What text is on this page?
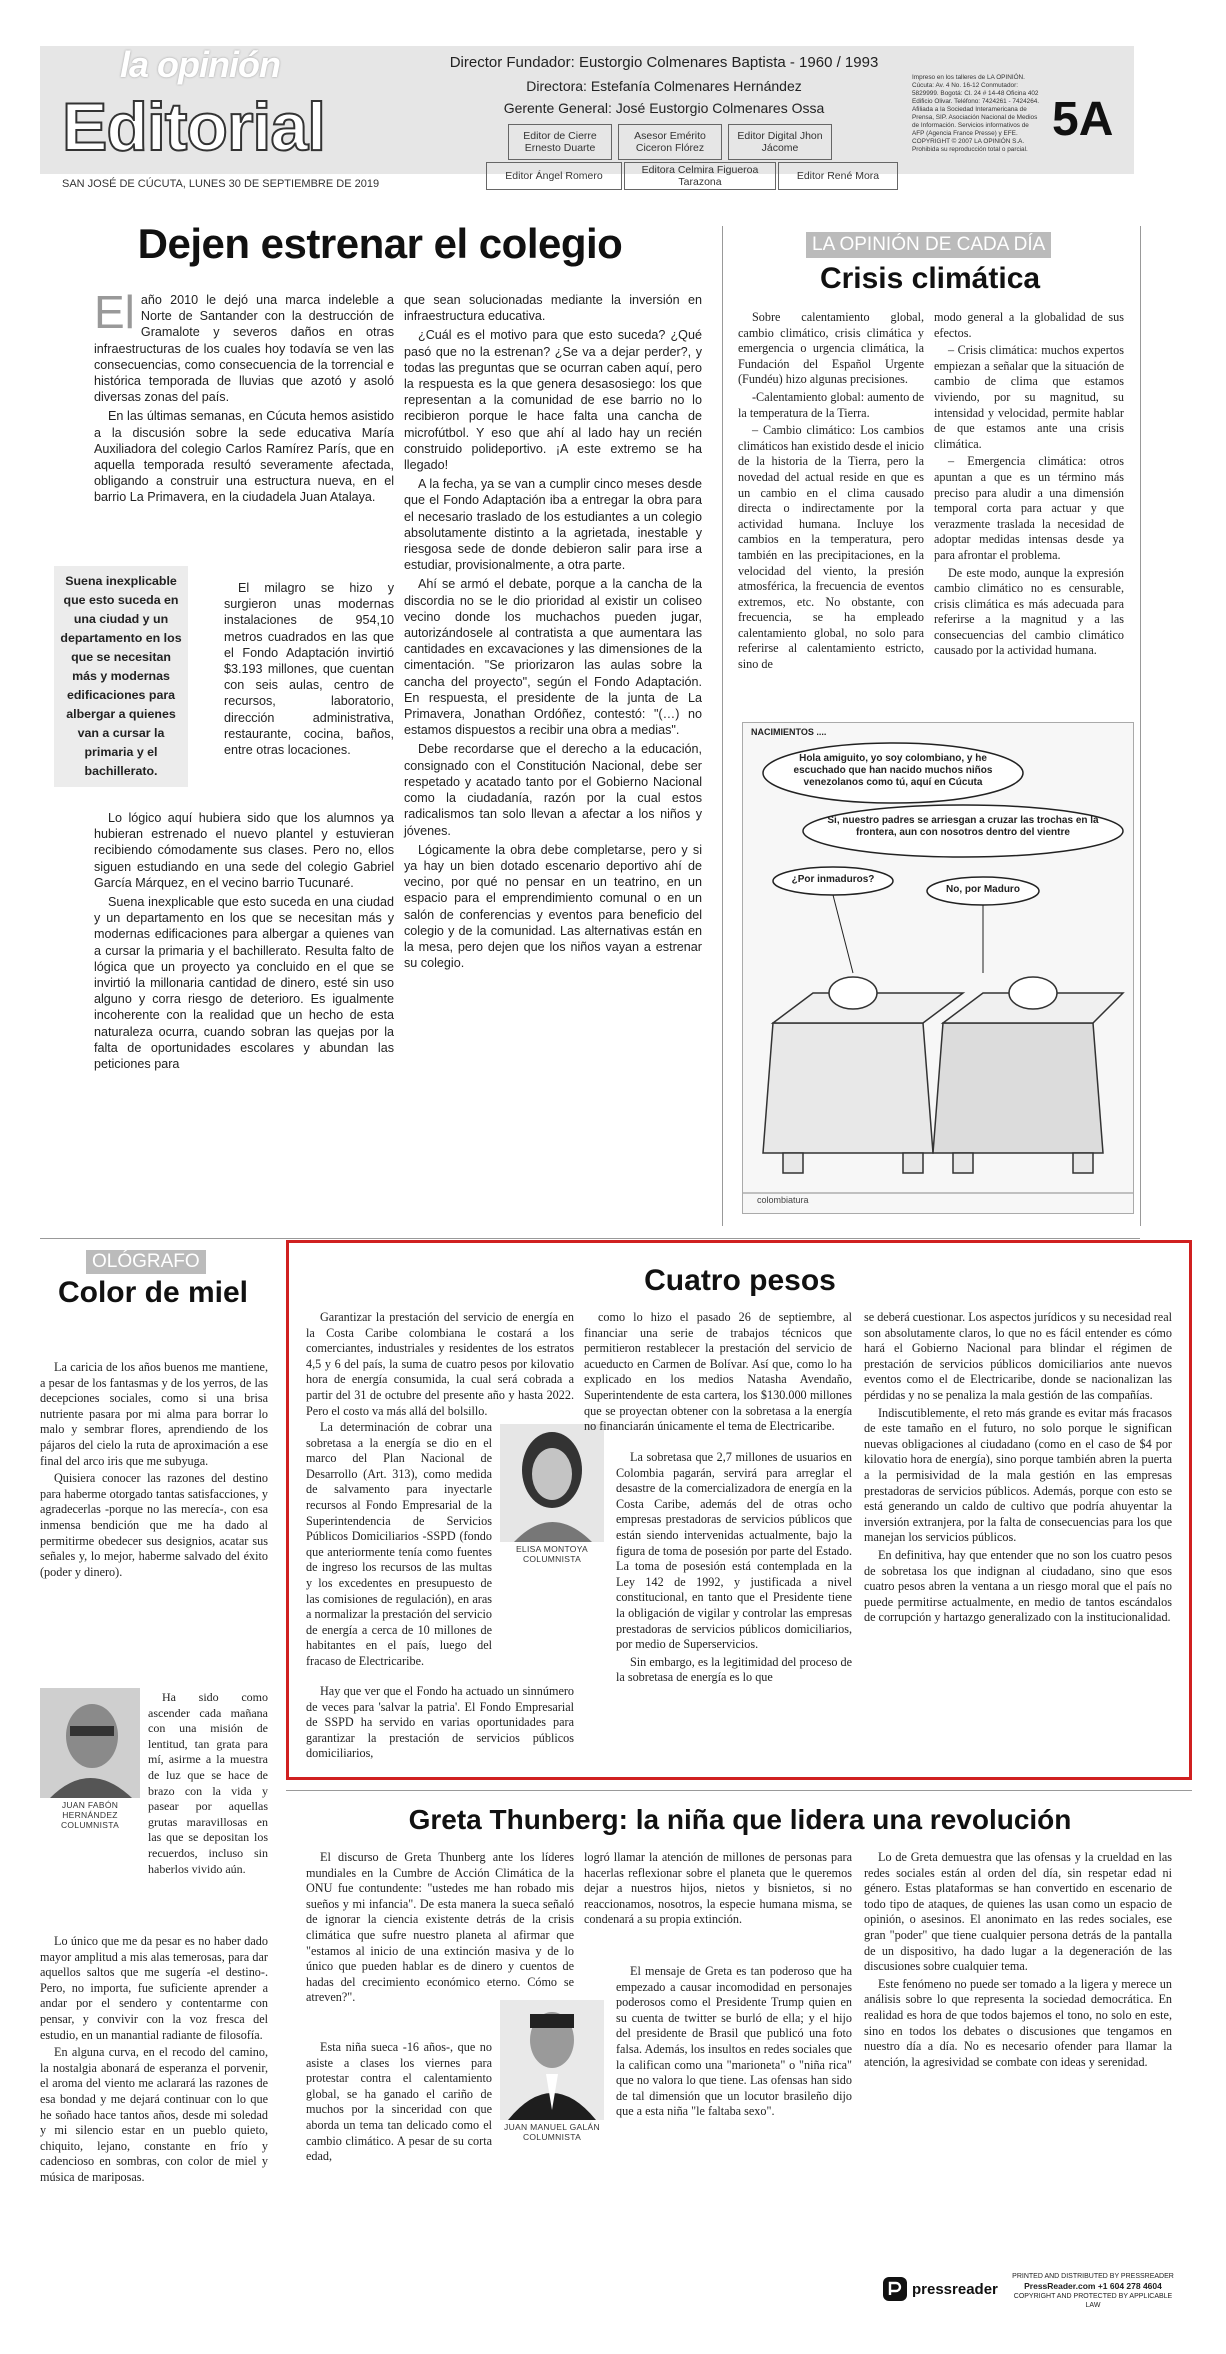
la opinión
Editorial
SAN JOSÉ DE CÚCUTA, LUNES 30 DE SEPTIEMBRE DE 2019
Director Fundador: Eustorgio Colmenares Baptista - 1960 / 1993
Directora: Estefanía Colmenares Hernández
Gerente General: José Eustorgio Colmenares Ossa
Editor de Cierre Ernesto Duarte
Asesor Emérito Ciceron Flórez
Editor Digital Jhon Jácome
Editor Ángel Romero	Editora Celmira Figueroa Tarazona	Editor René Mora
Impreso en los talleres de LA OPINIÓN. Cúcuta: Av. 4 No. 16-12 Conmutador: 5829999. Bogotá: Cl. 24 # 14-48 Oficina 402 Edificio Olivar. Teléfono: 7424261 - 7424264. Afiliada a la Sociedad Interamericana de Prensa, SIP. Asociación Nacional de Medios de Información. Servicios informativos de AFP (Agencia France Presse) y EFE. COPYRIGHT © 2007 LA OPINIÓN S.A. Prohibida su reproducción total o parcial.
5A
Dejen estrenar el colegio

El año 2010 le dejó una marca indeleble a Norte de Santander con la destrucción de Gramalote y severos daños en otras infraestructuras de los cuales hoy todavía se ven las consecuencias, como consecuencia de la torrencial e histórica temporada de lluvias que azotó y asoló diversas zonas del país.

En las últimas semanas, en Cúcuta hemos asistido a la discusión sobre la sede educativa María Auxiliadora del colegio Carlos Ramírez París, que en aquella temporada resultó severamente afectada, obligando a construir una estructura nueva, en el barrio La Primavera, en la ciudadela Juan Atalaya.

El milagro se hizo y surgieron unas modernas instalaciones de 954,10 metros cuadrados en las que el Fondo Adaptación invirtió $3.193 millones, que cuentan con seis aulas, centro de recursos, laboratorio, dirección administrativa, restaurante, cocina, baños, entre otras locaciones.

Lo lógico aquí hubiera sido que los alumnos ya hubieran estrenado el nuevo plantel y estuvieran recibiendo cómodamente sus clases. Pero no, ellos siguen estudiando en una sede del colegio Gabriel García Márquez, en el vecino barrio Tucunaré.

Suena inexplicable que esto suceda en una ciudad y un departamento en los que se necesitan más y modernas edificaciones para albergar a quienes van a cursar la primaria y el bachillerato. Resulta falto de lógica que un proyecto ya concluido en el que se invirtió la millonaria cantidad de dinero, esté sin uso alguno y corra riesgo de deterioro. Es igualmente incoherente con la realidad que un hecho de esta naturaleza ocurra, cuando sobran las quejas por la falta de oportunidades escolares y abundan las peticiones para

Suena inexplicable que esto suceda en una ciudad y un departamento en los que se necesitan más y modernas edificaciones para albergar a quienes van a cursar la primaria y el bachillerato.

que sean solucionadas mediante la inversión en infraestructura educativa.

¿Cuál es el motivo para que esto suceda? ¿Qué pasó que no la estrenan? ¿Se va a dejar perder?, y todas las preguntas que se ocurran caben aquí, pero la respuesta es la que genera desasosiego: los que representan a la comunidad de ese barrio no lo recibieron porque le hace falta una cancha de microfútbol. Y eso que ahí al lado hay un recién construido polideportivo. ¡A este extremo se ha llegado!

A la fecha, ya se van a cumplir cinco meses desde que el Fondo Adaptación iba a entregar la obra para el necesario traslado de los estudiantes a un colegio absolutamente distinto a la agrietada, inestable y riesgosa sede de donde debieron salir para irse a estudiar, provisionalmente, a otra parte.

Ahí se armó el debate, porque a la cancha de la discordia no se le dio prioridad al existir un coliseo vecino donde los muchachos pueden jugar, autorizándosele al contratista a que aumentara las cantidades en excavaciones y las dimensiones de la cimentación. "Se priorizaron las aulas sobre la cancha del proyecto", según el Fondo Adaptación. En respuesta, el presidente de la junta de La Primavera, Jonathan Ordóñez, contestó: "(…) no estamos dispuestos a recibir una obra a medias".

Debe recordarse que el derecho a la educación, consignado con el Constitución Nacional, debe ser respetado y acatado tanto por el Gobierno Nacional como la ciudadanía, razón por la cual estos radicalismos tan solo llevan a afectar a los niños y jóvenes.

Lógicamente la obra debe completarse, pero y si ya hay un bien dotado escenario deportivo ahí de vecino, por qué no pensar en un teatrino, en un espacio para el emprendimiento comunal o en un salón de conferencias y eventos para beneficio del colegio y de la comunidad. Las alternativas están en la mesa, pero dejen que los niños vayan a estrenar su colegio.

LA OPINIÓN DE CADA DÍA
Crisis climática

Sobre calentamiento global, cambio climático, crisis climática y emergencia o urgencia climática, la Fundación del Español Urgente (Fundéu) hizo algunas precisiones.

-Calentamiento global: aumento de la temperatura de la Tierra.

– Cambio climático: Los cambios climáticos han existido desde el inicio de la historia de la Tierra, pero la novedad del actual reside en que es un cambio en el clima causado directa o indirectamente por la actividad humana. Incluye los cambios en la temperatura, pero también en las precipitaciones, en la velocidad del viento, la presión atmosférica, la frecuencia de eventos extremos, etc. No obstante, con frecuencia, se ha empleado calentamiento global, no solo para referirse al calentamiento estricto, sino de

modo general a la globalidad de sus efectos.

– Crisis climática: muchos expertos empiezan a señalar que la situación de cambio de clima que estamos viviendo, por su magnitud, su intensidad y velocidad, permite hablar de que estamos ante una crisis climática.

– Emergencia climática: otros apuntan a que es un término más preciso para aludir a una dimensión temporal corta para actuar y que verazmente traslada la necesidad de adoptar medidas intensas desde ya para afrontar el problema.

De este modo, aunque la expresión cambio climático no es censurable, crisis climática es más adecuada para referirse a la magnitud y a las consecuencias del cambio climático causado por la actividad humana.

NACIMIENTOS ....
Hola amiguito, yo soy colombiano, y he escuchado que han nacido muchos niños venezolanos como tú, aquí en Cúcuta
Si, nuestro padres se arriesgan a cruzar las trochas en la frontera, aun con nosotros dentro del vientre
¿Por inmaduros?
No, por Maduro
colombiatura
OLÓGRAFO
Color de miel

La caricia de los años buenos me mantiene, a pesar de los fantasmas y de los yerros, de las decepciones sociales, como si una brisa nutriente pasara por mi alma para borrar lo malo y sembrar flores, aprendiendo de los pájaros del cielo la ruta de aproximación a ese final del arco iris que me subyuga.

Quisiera conocer las razones del destino para haberme otorgado tantas satisfacciones, y agradecerlas -porque no las merecía-, con esa inmensa bendición que me ha dado al permitirme obedecer sus designios, acatar sus señales y, lo mejor, haberme salvado del éxito (poder y dinero).

JUAN FABÓN HERNÁNDEZ COLUMNISTA

Ha sido como ascender cada mañana con una misión de lentitud, tan grata para mí, asirme a la muestra de luz que se hace de brazo con la vida y pasear por aquellas grutas maravillosas en las que se depositan los recuerdos, incluso sin haberlos vivido aún.

Lo único que me da pesar es no haber dado mayor amplitud a mis alas temerosas, para dar aquellos saltos que me sugería -el destino-. Pero, no importa, fue suficiente aprender a andar por el sendero y contentarme con pensar, y convivir con la voz fresca del estudio, en un manantial radiante de filosofía.

En alguna curva, en el recodo del camino, la nostalgia abonará de esperanza el porvenir, el aroma del viento me aclarará las razones de esa bondad y me dejará continuar con lo que he soñado hace tantos años, desde mi soledad y mi silencio estar en un pueblo quieto, chiquito, lejano, constante en frío y cadencioso en sombras, con color de miel y música de mariposas.

Cuatro pesos

Garantizar la prestación del servicio de energía en la Costa Caribe colombiana le costará a los comerciantes, industriales y residentes de los estratos 4,5 y 6 del país, la suma de cuatro pesos por kilovatio hora de energía consumida, la cual será cobrada a partir del 31 de octubre del presente año y hasta 2022. Pero el costo va más allá del bolsillo.

La determinación de cobrar una sobretasa a la energía se dio en el marco del Plan Nacional de Desarrollo (Art. 313), como medida de salvamento para inyectarle recursos al Fondo Empresarial de la Superintendencia de Servicios Públicos Domiciliarios -SSPD (fondo que anteriormente tenía como fuentes de ingreso los recursos de las multas y los excedentes en presupuesto de las comisiones de regulación), en aras a normalizar la prestación del servicio de energía a cerca de 10 millones de habitantes en el país, luego del fracaso de Electricaribe.

Hay que ver que el Fondo ha actuado un sinnúmero de veces para 'salvar la patria'. El Fondo Empresarial de SSPD ha servido en varias oportunidades para garantizar la prestación de servicios públicos domiciliarios,

ELISA MONTOYA COLUMNISTA

como lo hizo el pasado 26 de septiembre, al financiar una serie de trabajos técnicos que permitieron restablecer la prestación del servicio de acueducto en Carmen de Bolívar. Así que, como lo ha explicado en los medios Natasha Avendaño, Superintendente de esta cartera, los $130.000 millones que se proyectan obtener con la sobretasa a la energía no financiarán únicamente el tema de Electricaribe.

La sobretasa que 2,7 millones de usuarios en Colombia pagarán, servirá para arreglar el desastre de la comercializadora de energía en la Costa Caribe, además del de otras ocho empresas prestadoras de servicios públicos que están siendo intervenidas actualmente, bajo la figura de toma de posesión por parte del Estado. La toma de posesión está contemplada en la Ley 142 de 1992, y justificada a nivel constitucional, en tanto que el Presidente tiene la obligación de vigilar y controlar las empresas prestadoras de servicios públicos domiciliarios, por medio de Superservicios.

Sin embargo, es la legitimidad del proceso de la sobretasa de energía es lo que

se deberá cuestionar. Los aspectos jurídicos y su necesidad real son absolutamente claros, lo que no es fácil entender es cómo hará el Gobierno Nacional para blindar el régimen de prestación de servicios públicos domiciliarios ante nuevos eventos como el de Electricaribe, donde se nacionalizan las pérdidas y no se penaliza la mala gestión de las compañías.

Indiscutiblemente, el reto más grande es evitar más fracasos de este tamaño en el futuro, no solo porque le significan nuevas obligaciones al ciudadano (como en el caso de $4 por kilovatio hora de energía), sino porque también abren la puerta a la permisividad de la mala gestión en las empresas prestadoras de servicios públicos. Además, porque con esto se está generando un caldo de cultivo que podría ahuyentar la inversión extranjera, por la falta de consecuencias para los que manejan los servicios públicos.

En definitiva, hay que entender que no son los cuatro pesos de sobretasa los que indignan al ciudadano, sino que esos cuatro pesos abren la ventana a un riesgo moral que el país no puede permitirse actualmente, en medio de tantos escándalos de corrupción y hartazgo generalizado con la institucionalidad.

Greta Thunberg: la niña que lidera una revolución

El discurso de Greta Thunberg ante los líderes mundiales en la Cumbre de Acción Climática de la ONU fue contundente: "ustedes me han robado mis sueños y mi infancia". De esta manera la sueca señaló de ignorar la ciencia existente detrás de la crisis climática que sufre nuestro planeta al afirmar que "estamos al inicio de una extinción masiva y de lo único que pueden hablar es de dinero y cuentos de hadas del crecimiento económico eterno. Cómo se atreven?".

Esta niña sueca -16 años-, que no asiste a clases los viernes para protestar contra el calentamiento global, se ha ganado el cariño de muchos por la sinceridad con que aborda un tema tan delicado como el cambio climático. A pesar de su corta edad,

JUAN MANUEL GALÁN COLUMNISTA

logró llamar la atención de millones de personas para hacerlas reflexionar sobre el planeta que le queremos dejar a nuestros hijos, nietos y bisnietos, si no reaccionamos, nosotros, la especie humana misma, se condenará a su propia extinción.

El mensaje de Greta es tan poderoso que ha empezado a causar incomodidad en personajes poderosos como el Presidente Trump quien en su cuenta de twitter se burló de ella; y el hijo del presidente de Brasil que publicó una foto falsa. Además, los insultos en redes sociales que la califican como una "marioneta" o "niña rica" que no valora lo que tiene. Las ofensas han sido de tal dimensión que un locutor brasileño dijo que a esta niña "le faltaba sexo".

Lo de Greta demuestra que las ofensas y la crueldad en las redes sociales están al orden del día, sin respetar edad ni género. Estas plataformas se han convertido en escenario de todo tipo de ataques, de quienes las usan como un espacio de opinión, o asesinos. El anonimato en las redes sociales, ese gran "poder" que tiene cualquier persona detrás de la pantalla de un dispositivo, ha dado lugar a la degeneración de las discusiones sobre cualquier tema.

Este fenómeno no puede ser tomado a la ligera y merece un análisis sobre lo que representa la sociedad democrática. En realidad es hora de que todos bajemos el tono, no solo en este, sino en todos los debates o discusiones que tengamos en nuestro día a día. No es necesario ofender para llamar la atención, la agresividad se combate con ideas y serenidad.

pressreader
PRINTED AND DISTRIBUTED BY PRESSREADER
PressReader.com +1 604 278 4604
COPYRIGHT AND PROTECTED BY APPLICABLE LAW
